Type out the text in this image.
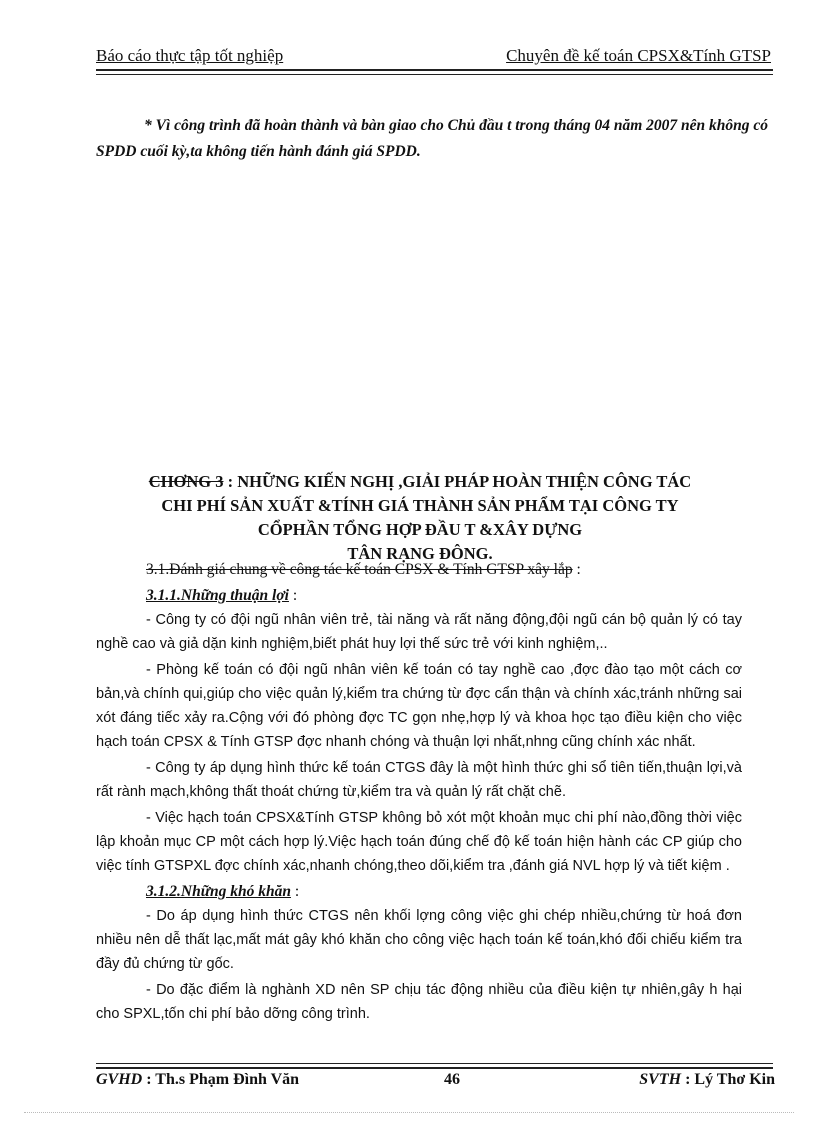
Báo cáo thực tập tốt nghiệp	Chuyên đề kế toán CPSX&Tính GTSP
* Vì công trình đã hoàn thành và bàn giao cho Chủ đầu t trong tháng 04 năm 2007 nên không có SPDD cuối kỳ,ta không tiến hành đánh giá SPDD.
CHƠNG 3 : NHỮNG KIẾN NGHỊ ,GIẢI PHÁP HOÀN THIỆN CÔNG TÁC
CHI PHÍ SẢN XUẤT &TÍNH GIÁ THÀNH SẢN PHẨM TẠI CÔNG TY
CỔPHẦN TỔNG HỢP ĐẦU T &XÂY DỰNG
TÂN RẠNG ĐÔNG.
3.1.Đánh giá chung về công tác kế toán CPSX & Tính GTSP xây lắp :
3.1.1.Những thuận lợi :

- Công ty có đội ngũ nhân viên trẻ, tài năng và rất năng động,đội ngũ cán bộ quản lý có tay nghề cao và giả dặn kinh nghiệm,biết phát huy lợi thế sức trẻ với kinh nghiệm,..

- Phòng kế toán có đội ngũ nhân viên kế toán có tay nghề cao ,đợc đào tạo một cách cơ bản,và chính qui,giúp cho việc quản lý,kiểm tra chứng từ đợc cẩn thận và chính xác,tránh những sai xót đáng tiếc xảy ra.Cộng với đó phòng đợc TC gọn nhẹ,hợp lý và khoa học tạo điều kiện cho việc hạch toán CPSX & Tính GTSP đợc nhanh chóng và thuận lợi nhất,nhng cũng chính xác nhất.

- Công ty áp dụng hình thức kế toán CTGS đây là một hình thức ghi sổ tiên tiến,thuận lợi,và rất rành mạch,không thất thoát chứng từ,kiểm tra và quản lý rất chặt chẽ.

- Việc hạch toán CPSX&Tính GTSP không bỏ xót một khoản mục chi phí nào,đồng thời việc lập khoản mục CP một cách hợp lý.Việc hạch toán đúng chế độ kế toán hiện hành các CP giúp cho việc tính GTSPXL đợc chính xác,nhanh chóng,theo dõi,kiểm tra ,đánh giá NVL hợp lý và tiết kiệm .

3.1.2.Những khó khăn :

- Do áp dụng hình thức CTGS nên khối lợng công việc ghi chép nhiều,chứng từ hoá đơn nhiều nên dễ thất lạc,mất mát gây khó khăn cho công việc hạch toán kế toán,khó đối chiếu kiểm tra đầy đủ chứng từ gốc.

- Do đặc điểm là nghành XD nên SP chịu tác động nhiều của điều kiện tự nhiên,gây h hại cho SPXL,tốn chi phí bảo dỡng công trình.

GVHD : Th.s Phạm Đình Văn	46	SVTH : Lý Thơ Kin
